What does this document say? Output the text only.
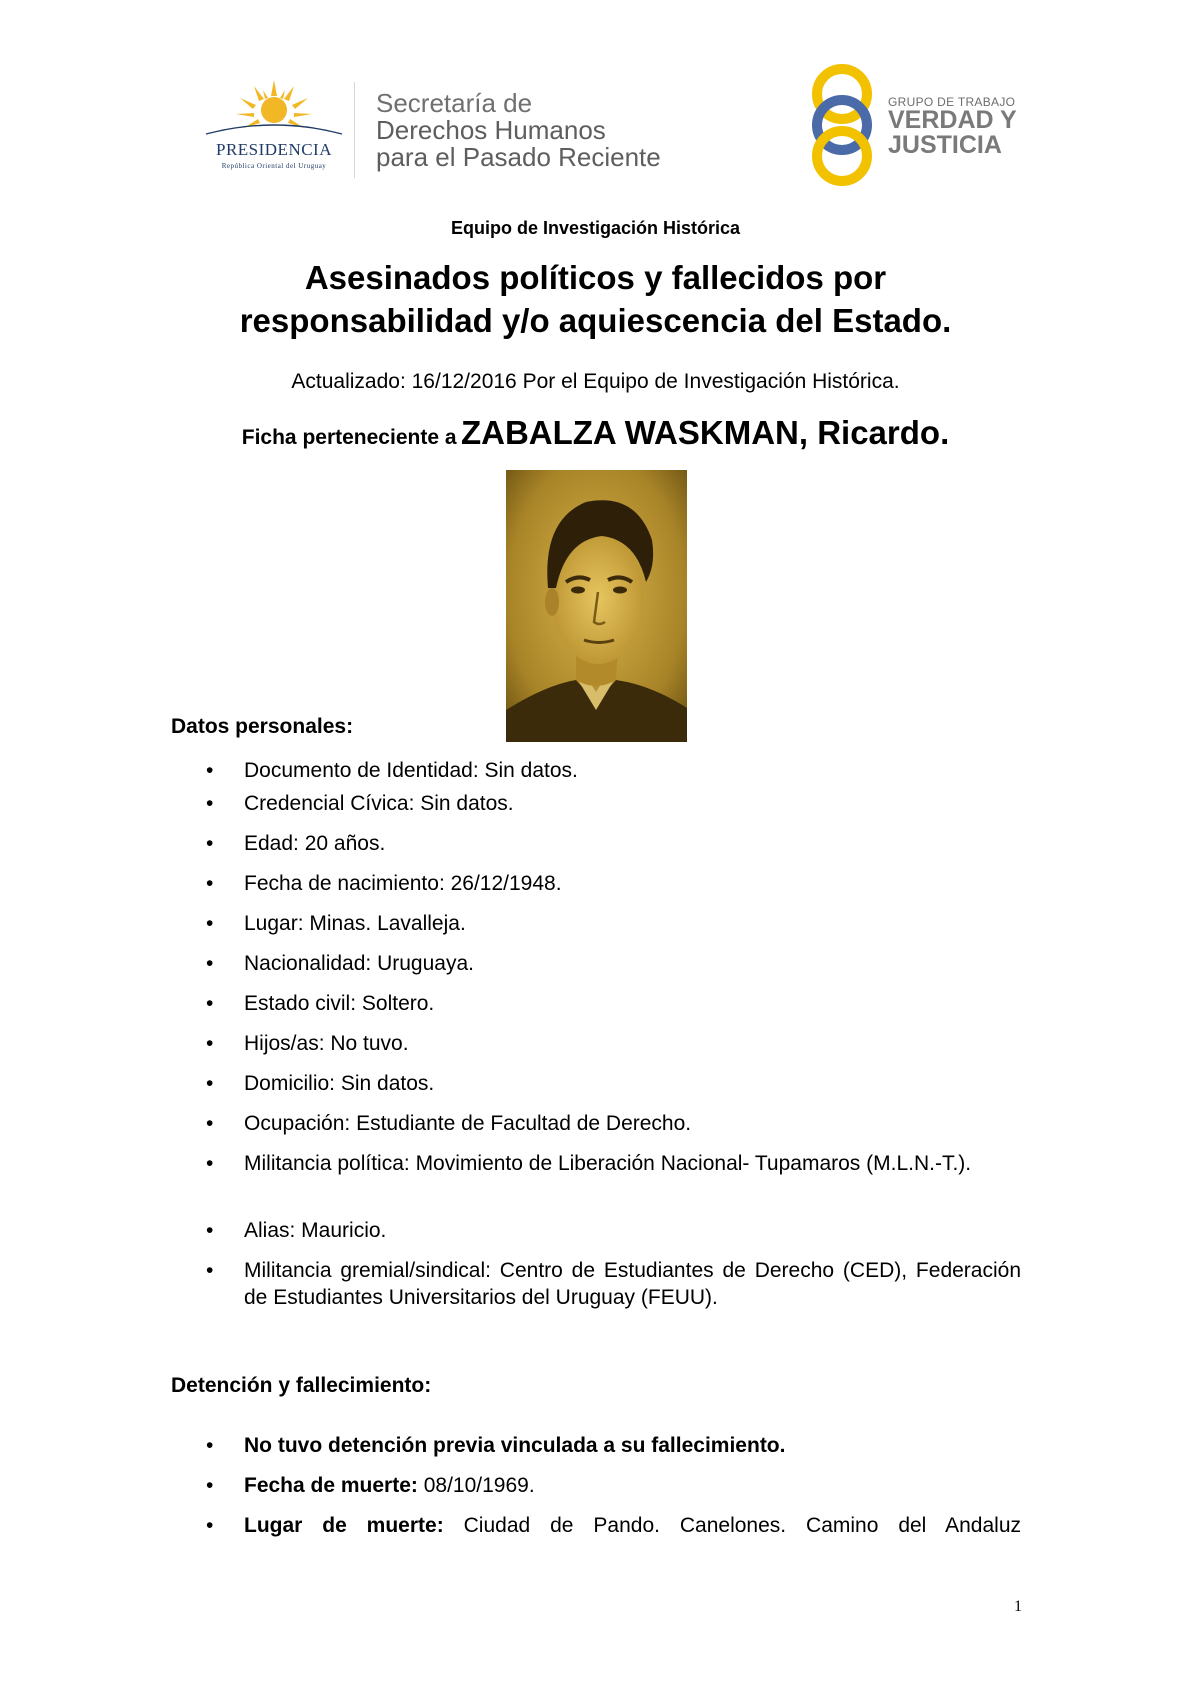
PRESIDENCIA
República Oriental del Uruguay
Secretaría de
Derechos Humanos
para el Pasado Reciente
GRUPO DE TRABAJO
VERDAD Y
JUSTICIA
Equipo de Investigación Histórica
Asesinados políticos y fallecidos por
responsabilidad y/o aquiescencia del Estado.
Actualizado: 16/12/2016 Por el Equipo de Investigación Histórica.
Ficha perteneciente a ZABALZA WASKMAN, Ricardo.
Datos personales:
• Documento de Identidad: Sin datos.
• Credencial Cívica: Sin datos.
• Edad: 20 años.
• Fecha de nacimiento: 26/12/1948.
• Lugar: Minas. Lavalleja.
• Nacionalidad: Uruguaya.
• Estado civil: Soltero.
• Hijos/as: No tuvo.
• Domicilio: Sin datos.
• Ocupación: Estudiante de Facultad de Derecho.
• Militancia política: Movimiento de Liberación Nacional- Tupamaros (M.L.N.-T.).
• Alias: Mauricio.
• Militancia gremial/sindical: Centro de Estudiantes de Derecho (CED), Federación de Estudiantes Universitarios del Uruguay (FEUU).
Detención y fallecimiento:
• No tuvo detención previa vinculada a su fallecimiento.
• Fecha de muerte: 08/10/1969.
• Lugar de muerte: Ciudad de Pando. Canelones. Camino del Andaluz
1
